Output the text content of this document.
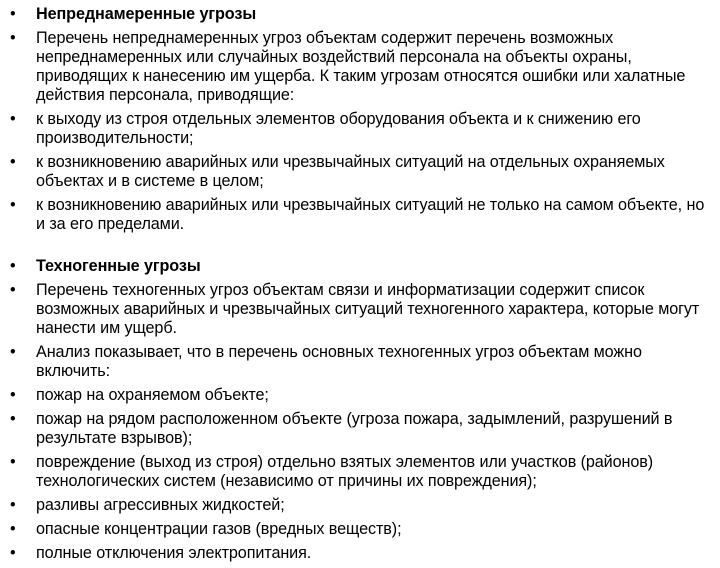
•	Непреднамеренные угрозы
•	Перечень непреднамеренных угроз объектам содержит перечень возможных непреднамеренных или случайных воздействий персонала на объекты охраны, приводящих к нанесению им ущерба. К таким угрозам относятся ошибки или халатные действия персонала, приводящие:
•	к выходу из строя отдельных элементов оборудования объекта и к снижению его производительности;
•	к возникновению аварийных или чрезвычайных ситуаций на отдельных охраняемых объектах и в системе в целом;
•	к возникновению аварийных или чрезвычайных ситуаций не только на самом объекте, но и за его пределами.
•	Техногенные угрозы
•	Перечень техногенных угроз объектам связи и информатизации содержит список возможных аварийных и чрезвычайных ситуаций техногенного характера, которые могут нанести им ущерб.
•	Анализ показывает, что в перечень основных техногенных угроз объектам можно включить:
•	пожар на охраняемом объекте;
•	пожар на рядом расположенном объекте (угроза пожара, задымлений, разрушений в результате взрывов);
•	повреждение (выход из строя) отдельно взятых элементов или участков (районов) технологических систем (независимо от причины их повреждения);
•	разливы агрессивных жидкостей;
•	опасные концентрации газов (вредных веществ);
•	полные отключения электропитания.
